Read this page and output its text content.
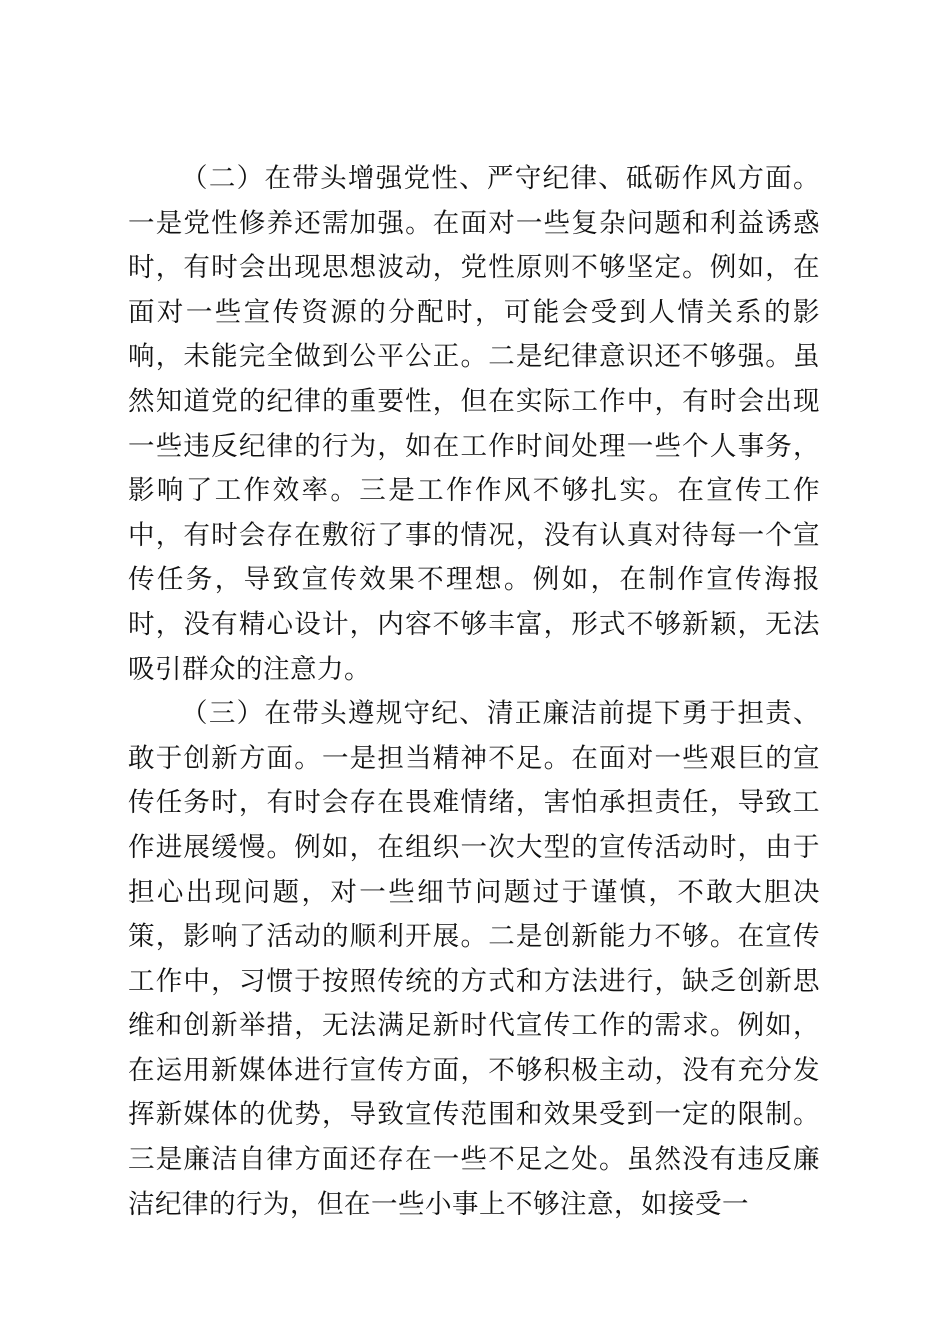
（二）在带头增强党性、严守纪律、砥砺作风方面。一是党性修养还需加强。在面对一些复杂问题和利益诱惑时，有时会出现思想波动，党性原则不够坚定。例如，在面对一些宣传资源的分配时，可能会受到人情关系的影响，未能完全做到公平公正。二是纪律意识还不够强。虽然知道党的纪律的重要性，但在实际工作中，有时会出现一些违反纪律的行为，如在工作时间处理一些个人事务，影响了工作效率。三是工作作风不够扎实。在宣传工作中，有时会存在敷衍了事的情况，没有认真对待每一个宣传任务，导致宣传效果不理想。例如，在制作宣传海报时，没有精心设计，内容不够丰富，形式不够新颖，无法吸引群众的注意力。

（三）在带头遵规守纪、清正廉洁前提下勇于担责、敢于创新方面。一是担当精神不足。在面对一些艰巨的宣传任务时，有时会存在畏难情绪，害怕承担责任，导致工作进展缓慢。例如，在组织一次大型的宣传活动时，由于担心出现问题，对一些细节问题过于谨慎，不敢大胆决策，影响了活动的顺利开展。二是创新能力不够。在宣传工作中，习惯于按照传统的方式和方法进行，缺乏创新思维和创新举措，无法满足新时代宣传工作的需求。例如，在运用新媒体进行宣传方面，不够积极主动，没有充分发挥新媒体的优势，导致宣传范围和效果受到一定的限制。三是廉洁自律方面还存在一些不足之处。虽然没有违反廉洁纪律的行为，但在一些小事上不够注意，如接受一
